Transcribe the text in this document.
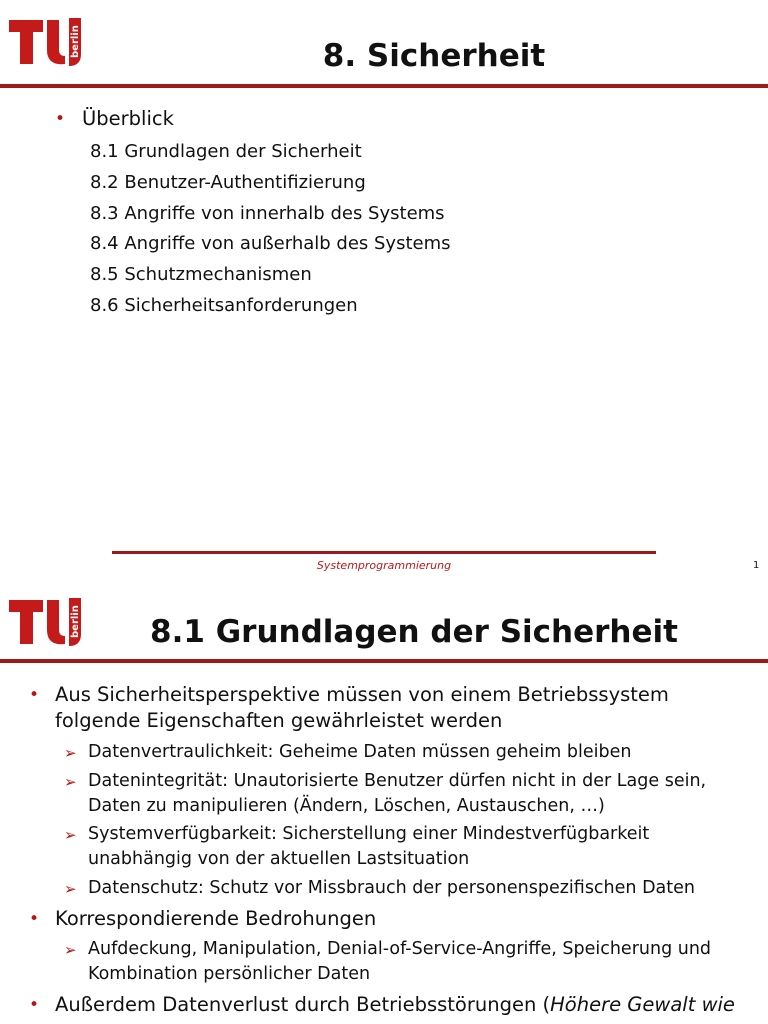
berlin	8. Sicherheit
• Überblick
8.1 Grundlagen der Sicherheit
8.2 Benutzer-Authentifizierung
8.3 Angriffe von innerhalb des Systems
8.4 Angriffe von außerhalb des Systems
8.5 Schutzmechanismen
8.6 Sicherheitsanforderungen
Systemprogrammierung	1
berlin	8.1 Grundlagen der Sicherheit
• Aus Sicherheitsperspektive müssen von einem Betriebssystem folgende Eigenschaften gewährleistet werden
➢ Datenvertraulichkeit: Geheime Daten müssen geheim bleiben
➢ Datenintegrität: Unautorisierte Benutzer dürfen nicht in der Lage sein, Daten zu manipulieren (Ändern, Löschen, Austauschen, …)
➢ Systemverfügbarkeit: Sicherstellung einer Mindestverfügbarkeit unabhängig von der aktuellen Lastsituation
➢ Datenschutz: Schutz vor Missbrauch der personenspezifischen Daten
• Korrespondierende Bedrohungen
➢ Aufdeckung, Manipulation, Denial-of-Service-Angriffe, Speicherung und Kombination persönlicher Daten
• Außerdem Datenverlust durch Betriebsstörungen (Höhere Gewalt wie
